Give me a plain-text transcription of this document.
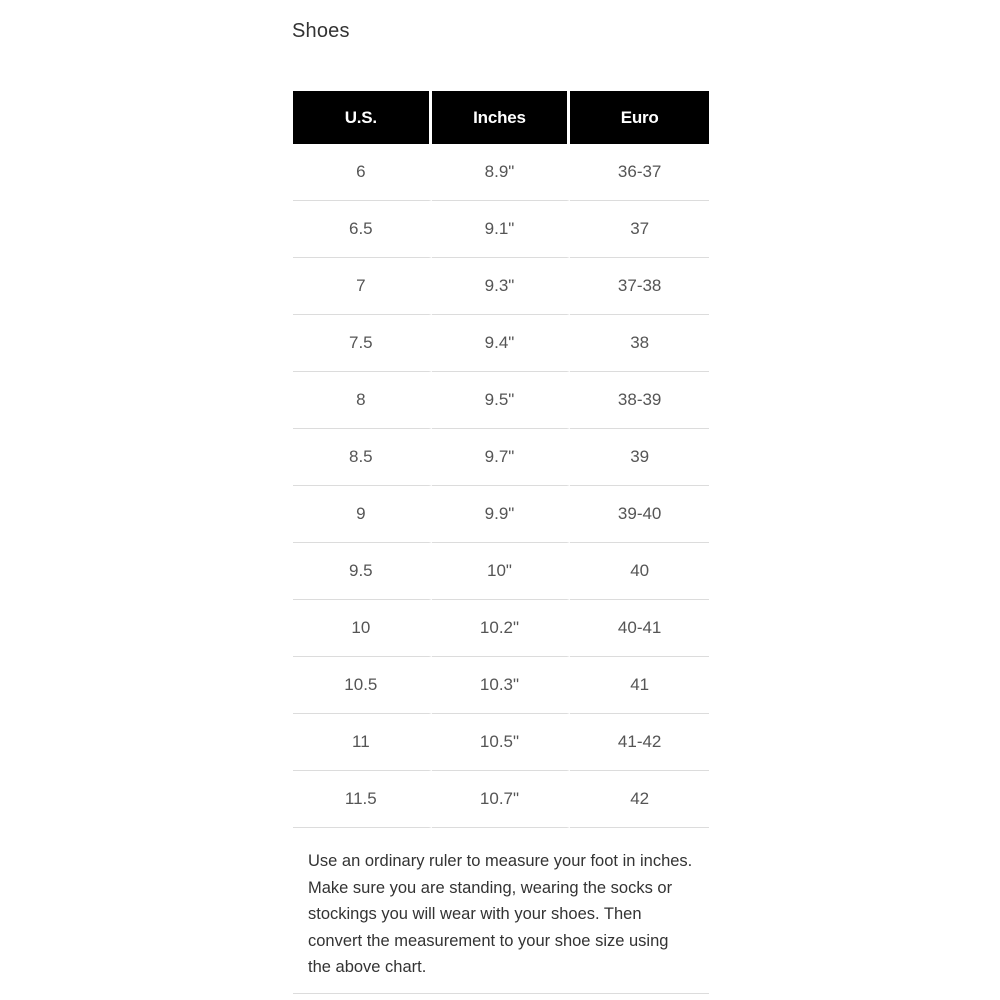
Shoes
U.S.	Inches	Euro
6	8.9"	36-37
6.5	9.1"	37
7	9.3"	37-38
7.5	9.4"	38
8	9.5"	38-39
8.5	9.7"	39
9	9.9"	39-40
9.5	10"	40
10	10.2"	40-41
10.5	10.3"	41
11	10.5"	41-42
11.5	10.7"	42
Use an ordinary ruler to measure your foot in inches. Make sure you are standing, wearing the socks or stockings you will wear with your shoes. Then convert the measurement to your shoe size using the above chart.
